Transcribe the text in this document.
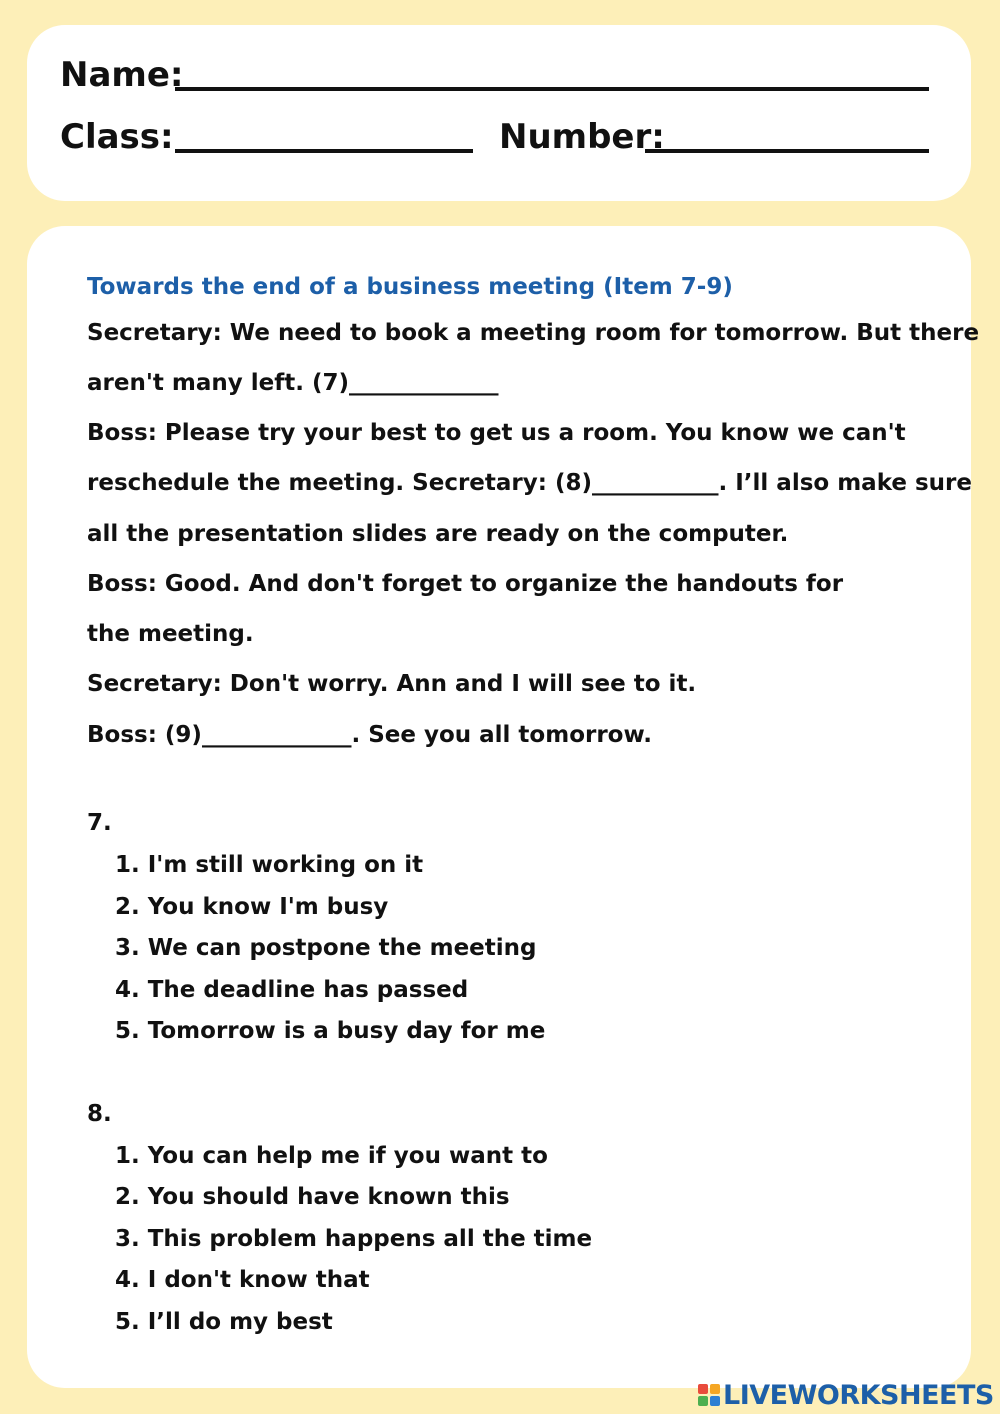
Name:
Class:	Number:
Towards the end of a business meeting (Item 7-9)
Secretary: We need to book a meeting room for tomorrow. But there
aren't many left. (7)_____________
Boss: Please try your best to get us a room. You know we can't
reschedule the meeting. Secretary: (8)___________. I’ll also make sure
all the presentation slides are ready on the computer.
Boss: Good. And don't forget to organize the handouts for
the meeting.
Secretary: Don't worry. Ann and I will see to it.
Boss: (9)_____________. See you all tomorrow.
7.
1. I'm still working on it
2. You know I'm busy
3. We can postpone the meeting
4. The deadline has passed
5. Tomorrow is a busy day for me
8.
1. You can help me if you want to
2. You should have known this
3. This problem happens all the time
4. I don't know that
5. I’ll do my best
LIVEWORKSHEETS
